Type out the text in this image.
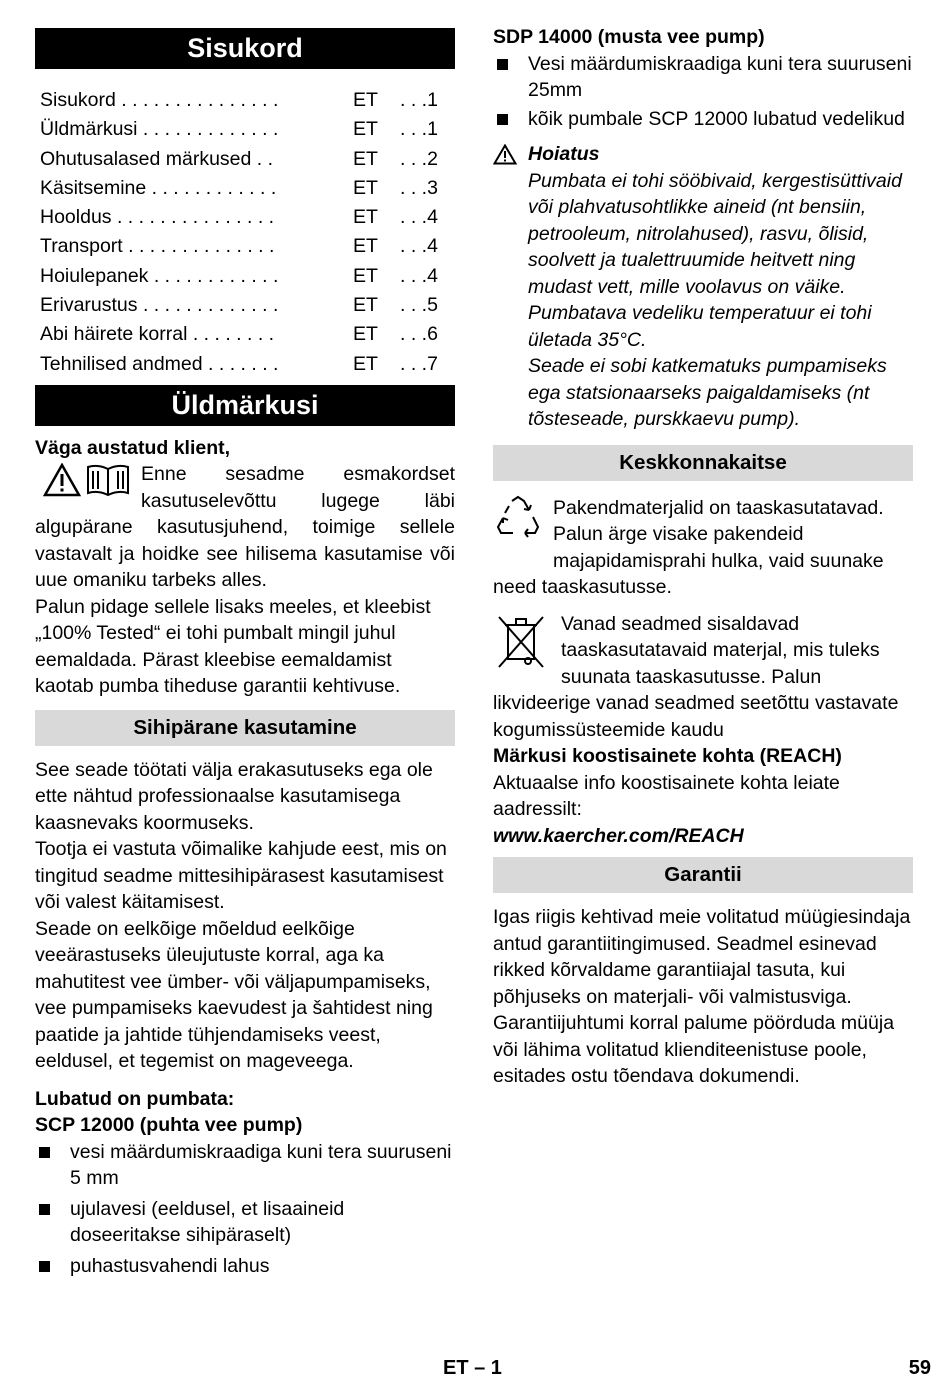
Sisukord
Sisukord . . . . . . . . . . . . . . .	ET . . .1
Üldmärkusi . . . . . . . . . . . . .	ET . . .1
Ohutusalased märkused . .	ET . . .2
Käsitsemine . . . . . . . . . . . .	ET . . .3
Hooldus . . . . . . . . . . . . . . .	ET . . .4
Transport . . . . . . . . . . . . . .	ET . . .4
Hoiulepanek . . . . . . . . . . . .	ET . . .4
Erivarustus . . . . . . . . . . . . .	ET . . .5
Abi häirete korral . . . . . . . .	ET . . .6
Tehnilised andmed . . . . . . .	ET . . .7
Üldmärkusi

Väga austatud klient,

Enne sesadme esmakordset kasutuselevõttu lugege läbi algupärane kasutusjuhend, toimige sellele vastavalt ja hoidke see hilisema kasutamise või uue omaniku tarbeks alles.

Palun pidage sellele lisaks meeles, et kleebist „100% Tested“ ei tohi pumbalt mingil juhul eemaldada. Pärast kleebise eemaldamist kaotab pumba tiheduse garantii kehtivuse.

Sihipärane kasutamine

See seade töötati välja erakasutuseks ega ole ette nähtud professionaalse kasutamisega kaasnevaks koormuseks.

Tootja ei vastuta võimalike kahjude eest, mis on tingitud seadme mittesihipärasest kasutamisest või valest käitamisest.

Seade on eelkõige mõeldud eelkõige veeärastuseks üleujutuste korral, aga ka mahutitest vee ümber- või väljapumpamiseks, vee pumpamiseks kaevudest ja šahtidest ning paatide ja jahtide tühjendamiseks veest, eeldusel, et tegemist on mageveega.

Lubatud on pumbata:

SCP 12000 (puhta vee pump)

vesi määrdumiskraadiga kuni tera suuruseni 5 mm

ujulavesi (eeldusel, et lisaaineid doseeritakse sihipäraselt)

puhastusvahendi lahus

SDP 14000 (musta vee pump)

Vesi määrdumiskraadiga kuni tera suuruseni 25mm

kõik pumbale SCP 12000 lubatud vedelikud

Hoiatus

Pumbata ei tohi sööbivaid, kergestisüttivaid või plahvatusohtlikke aineid (nt bensiin, petrooleum, nitrolahused), rasvu, õlisid, soolvett ja tualettruumide heitvett ning mudast vett, mille voolavus on väike. Pumbatava vedeliku temperatuur ei tohi ületada 35°C.

Seade ei sobi katkematuks pumpamiseks ega statsionaarseks paigaldamiseks (nt tõsteseade, purskkaevu pump).

Keskkonnakaitse

Pakendmaterjalid on taaskasutatavad. Palun ärge visake pakendeid majapidamisprahi hulka, vaid suunake need taaskasutusse.

Vanad seadmed sisaldavad taaskasutatavaid materjal, mis tuleks suunata taaskasutusse. Palun likvideerige vanad seadmed seetõttu vastavate kogumissüsteemide kaudu

Märkusi koostisainete kohta (REACH)

Aktuaalse info koostisainete kohta leiate aadressilt:

www.kaercher.com/REACH

Garantii

Igas riigis kehtivad meie volitatud müügiesindaja antud garantiitingimused. Seadmel esinevad rikked kõrvaldame garantiiajal tasuta, kui põhjuseks on materjali- või valmistusviga. Garantiijuhtumi korral palume pöörduda müüja või lähima volitatud klienditeenistuse poole, esitades ostu tõendava dokumendi.

ET – 1	59
